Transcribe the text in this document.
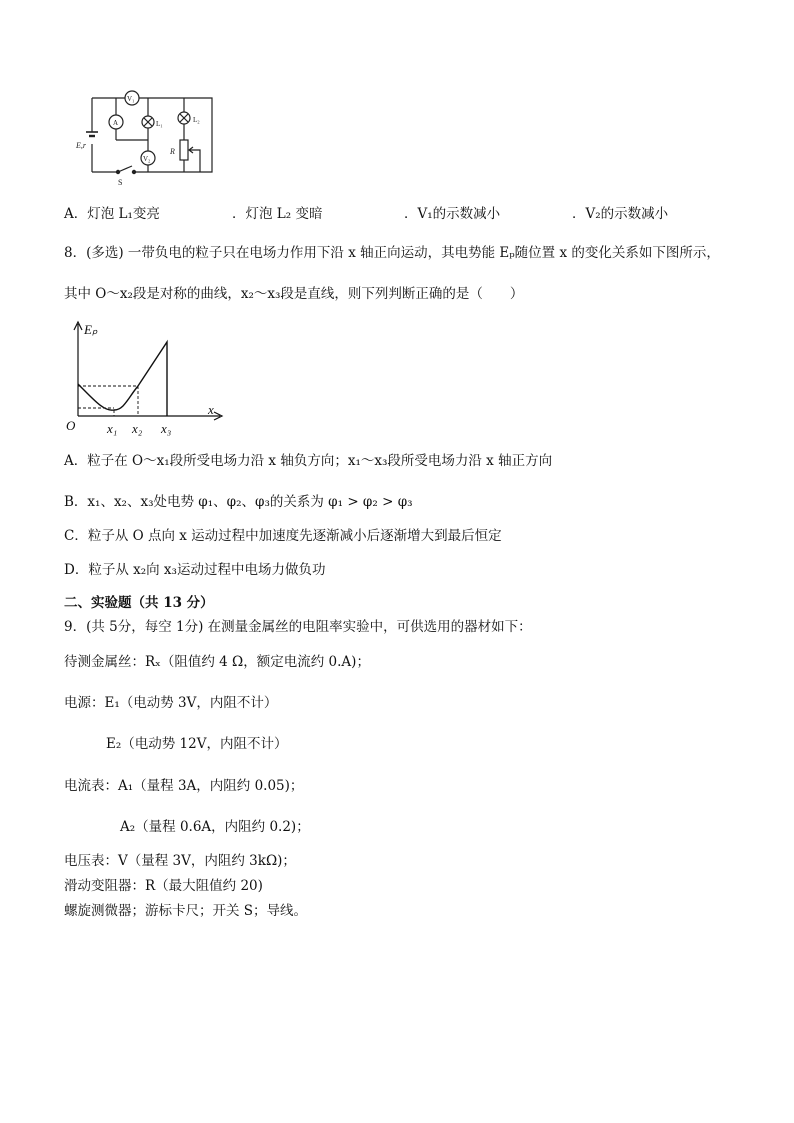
E,r
S
V₁
A	L₁
V₂
L₂
R
A．灯泡 L₁变亮	．灯泡 L₂ 变暗	．V₁的示数减小	．V₂的示数减小
8．(多选) 一带负电的粒子只在电场力作用下沿 x 轴正向运动，其电势能 Eₚ随位置 x 的变化关系如下图所示，
其中 O～x₂段是对称的曲线，x₂～x₃段是直线，则下列判断正确的是（　　）
Eₚ
x
O x₁ x₂ x₃
A．粒子在 O～x₁段所受电场力沿 x 轴负方向；x₁～x₃段所受电场力沿 x 轴正方向
B．x₁、x₂、x₃处电势 φ₁、φ₂、φ₃的关系为 φ₁ > φ₂ > φ₃
C．粒子从 O 点向 x 运动过程中加速度先逐渐减小后逐渐增大到最后恒定
D．粒子从 x₂向 x₃运动过程中电场力做负功
二、实验题（共 13 分）
9．(共 5分，每空 1分) 在测量金属丝的电阻率实验中，可供选用的器材如下：
待测金属丝：Rₓ（阻值约 4 Ω，额定电流约 0.A)；
电源：E₁（电动势 3V，内阻不计）
E₂（电动势 12V，内阻不计）
电流表：A₁（量程 3A，内阻约 0.05)；
A₂（量程 0.6A，内阻约 0.2)；
电压表：V（量程 3V，内阻约 3kΩ)；
滑动变阻器：R（最大阻值约 20)
螺旋测微器；游标卡尺；开关 S；导线。
